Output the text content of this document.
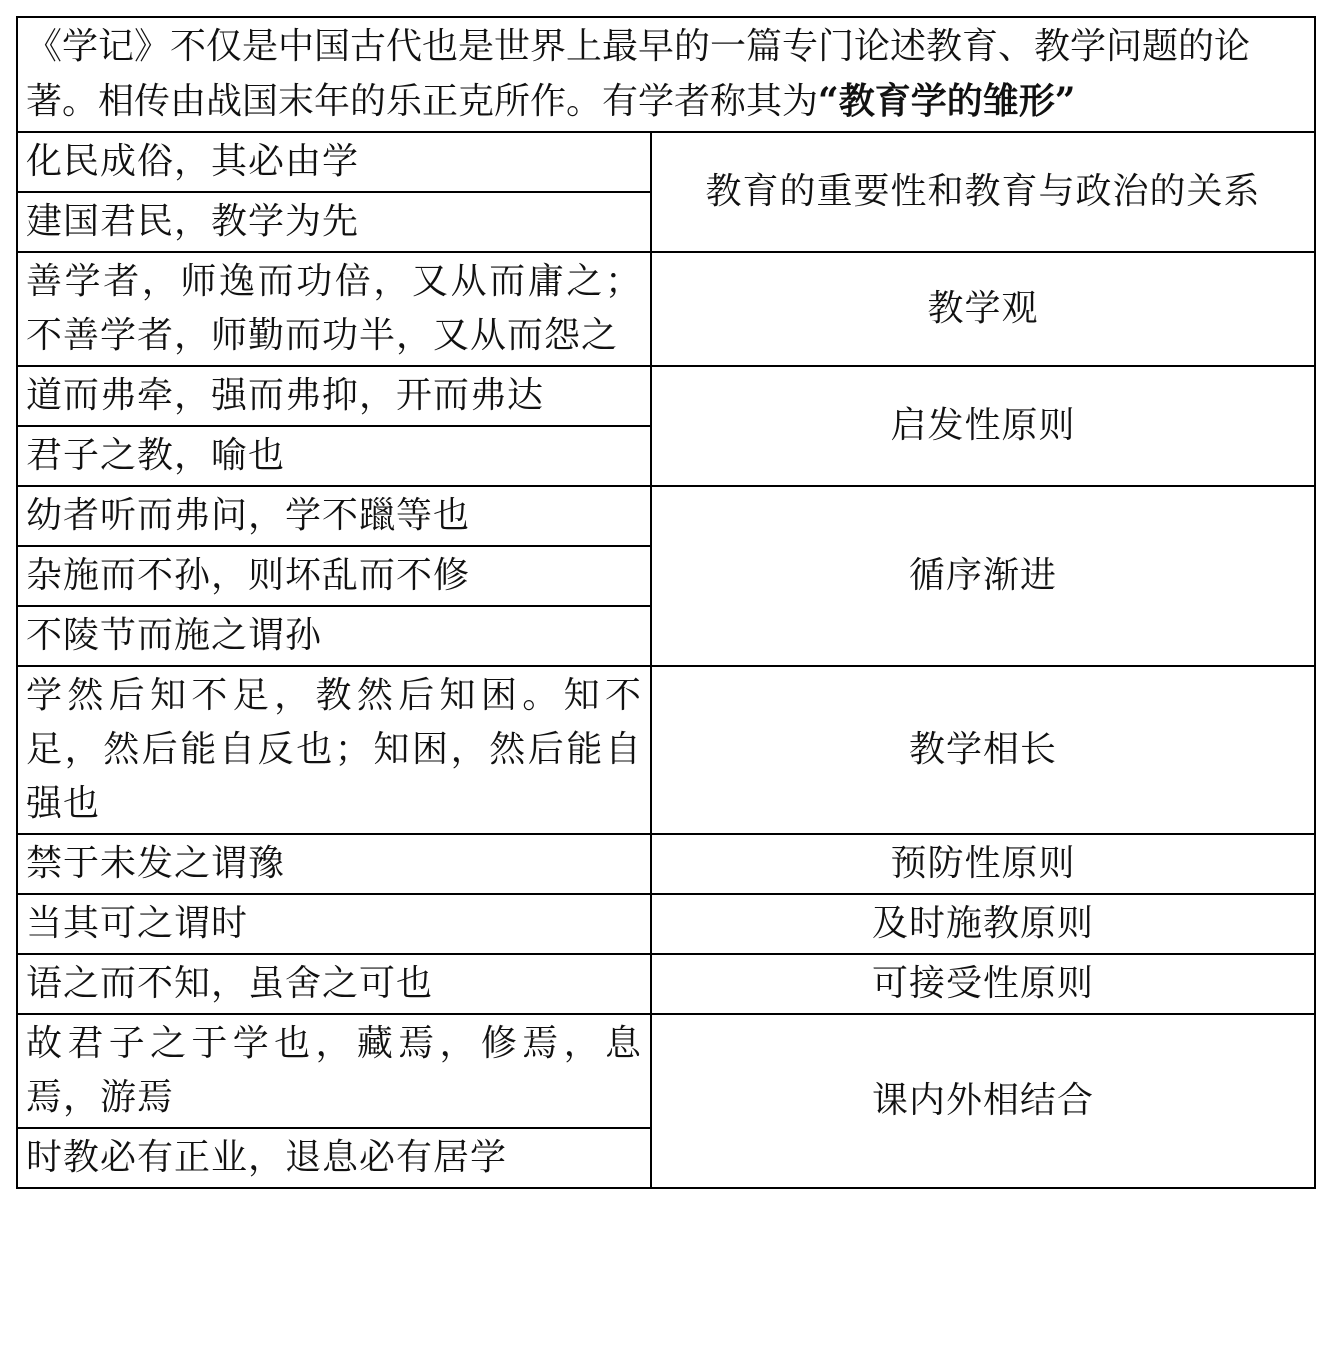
《学记》不仅是中国古代也是世界上最早的一篇专门论述教育、教学问题的论著。相传由战国末年的乐正克所作。有学者称其为“教育学的雏形”	
化民成俗，其必由学	教育的重要性和教育与政治的关系
建国君民，教学为先	
善学者，师逸而功倍，又从而庸之；不善学者，师勤而功半，又从而怨之	教学观
道而弗牵，强而弗抑，开而弗达	启发性原则
君子之教，喻也	
幼者听而弗问，学不躐等也	循序渐进
杂施而不孙，则坏乱而不修	
不陵节而施之谓孙	
学然后知不足，教然后知困。知不足，然后能自反也；知困，然后能自强也	教学相长
禁于未发之谓豫	预防性原则
当其可之谓时	及时施教原则
语之而不知，虽舍之可也	可接受性原则
故君子之于学也，藏焉，修焉，息焉，游焉	课内外相结合
时教必有正业，退息必有居学	
